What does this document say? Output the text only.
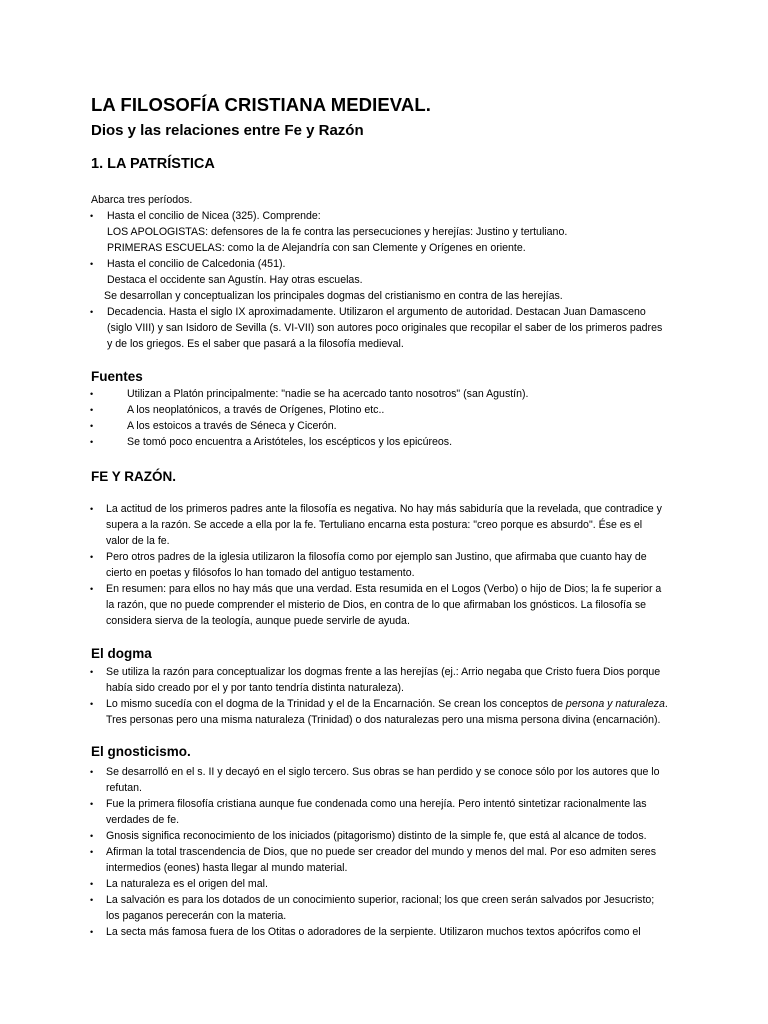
LA FILOSOFÍA CRISTIANA MEDIEVAL.
Dios y las relaciones entre Fe y Razón
1. LA PATRÍSTICA
Abarca tres períodos.
• Hasta el concilio de Nicea (325). Comprende:
LOS APOLOGISTAS: defensores de la fe contra las persecuciones y herejías: Justino y tertuliano.
PRIMERAS ESCUELAS: como la de Alejandría con san Clemente y Orígenes en oriente.
• Hasta el concilio de Calcedonia (451).
Destaca el occidente san Agustín. Hay otras escuelas.
Se desarrollan y conceptualizan los principales dogmas del cristianismo en contra de las herejías.
• Decadencia. Hasta el siglo IX aproximadamente. Utilizaron el argumento de autoridad. Destacan Juan Damasceno
(siglo VIII) y san Isidoro de Sevilla (s. VI-VII) son autores poco originales que recopilar el saber de los primeros padres
y de los griegos. Es el saber que pasará a la filosofía medieval.
Fuentes
•	Utilizan a Platón principalmente: "nadie se ha acercado tanto nosotros" (san Agustín).
•	A los neoplatónicos, a través de Orígenes, Plotino etc..
•	A los estoicos a través de Séneca y Cicerón.
•	Se tomó poco encuentra a Aristóteles, los escépticos y los epicúreos.
FE Y RAZÓN.
• La actitud de los primeros padres ante la filosofía es negativa. No hay más sabiduría que la revelada, que contradice y
supera a la razón. Se accede a ella por la fe. Tertuliano encarna esta postura: "creo porque es absurdo". Ése es el
valor de la fe.
• Pero otros padres de la iglesia utilizaron la filosofía como por ejemplo san Justino, que afirmaba que cuanto hay de
cierto en poetas y filósofos lo han tomado del antiguo testamento.
• En resumen: para ellos no hay más que una verdad. Esta resumida en el Logos (Verbo) o hijo de Dios; la fe superior a
la razón, que no puede comprender el misterio de Dios, en contra de lo que afirmaban los gnósticos. La filosofía se
considera sierva de la teología, aunque puede servirle de ayuda.
El dogma
• Se utiliza la razón para conceptualizar los dogmas frente a las herejías (ej.: Arrio negaba que Cristo fuera Dios porque
había sido creado por el y por tanto tendría distinta naturaleza).
• Lo mismo sucedía con el dogma de la Trinidad y el de la Encarnación. Se crean los conceptos de persona y naturaleza.
Tres personas pero una misma naturaleza (Trinidad) o dos naturalezas pero una misma persona divina (encarnación).
El gnosticismo.
• Se desarrolló en el s. II y decayó en el siglo tercero. Sus obras se han perdido y se conoce sólo por los autores que lo
refutan.
• Fue la primera filosofía cristiana aunque fue condenada como una herejía. Pero intentó sintetizar racionalmente las
verdades de fe.
• Gnosis significa reconocimiento de los iniciados (pitagorismo) distinto de la simple fe, que está al alcance de todos.
• Afirman la total trascendencia de Dios, que no puede ser creador del mundo y menos del mal. Por eso admiten seres
intermedios (eones) hasta llegar al mundo material.
• La naturaleza es el origen del mal.
• La salvación es para los dotados de un conocimiento superior, racional; los que creen serán salvados por Jesucristo;
los paganos perecerán con la materia.
• La secta más famosa fuera de los Otitas o adoradores de la serpiente. Utilizaron muchos textos apócrifos como el
